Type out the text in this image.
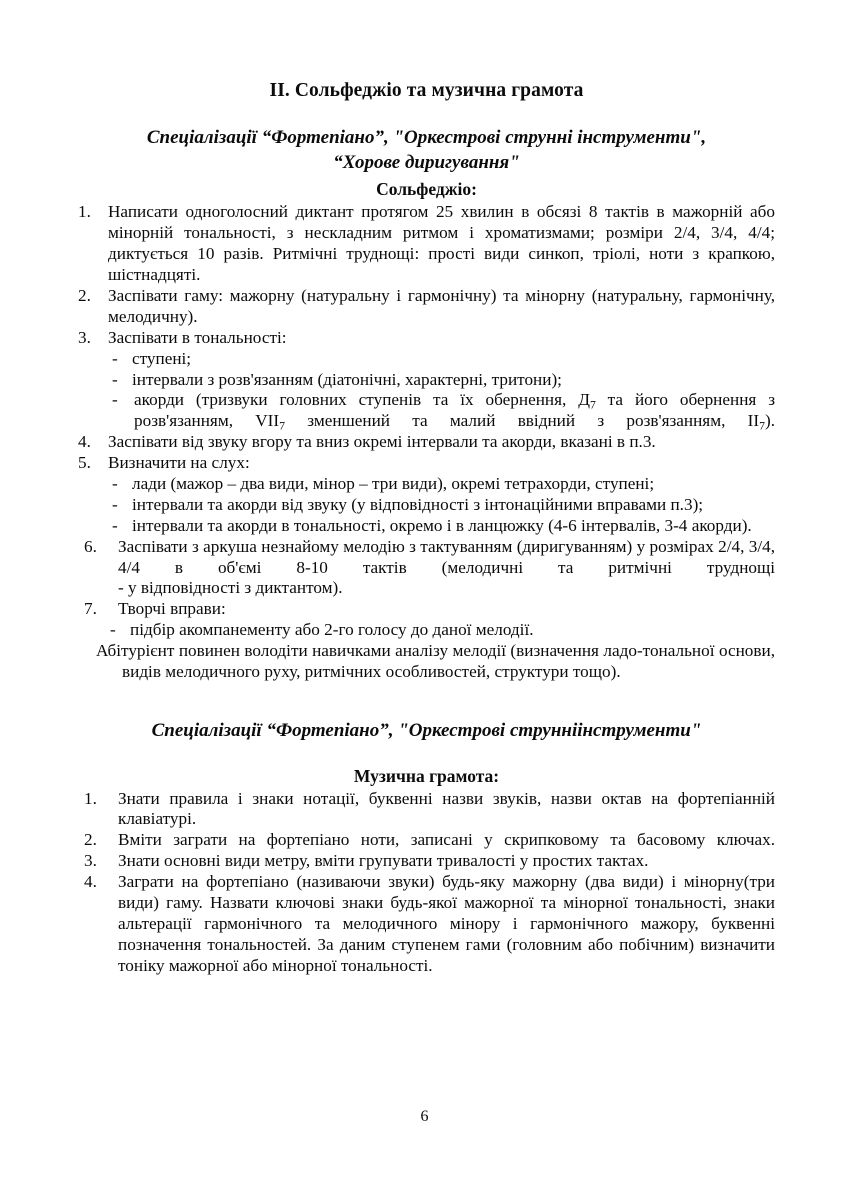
II. Сольфеджіо та музична грамота
Спеціалізації “Фортепіано”, "Оркестрові струнні інструменти",
“Хорове диригування"
Сольфеджіо:
1. Написати одноголосний диктант протягом 25 хвилин в обсязі 8 тактів в мажорній або мінорній тональності, з нескладним ритмом і хроматизмами; розміри 2/4, 3/4, 4/4; диктується 10 разів. Ритмічні труднощі: прості види синкоп, тріолі, ноти з крапкою, шістнадцяті.
2. Заспівати гаму: мажорну (натуральну і гармонічну) та мінорну (натуральну, гармонічну, мелодичну).
3. Заспівати в тональності:
- ступені;
- інтервали з розв'язанням (діатонічні, характерні, тритони);
- акорди (тризвуки головних ступенів та їх обернення, $Д_7$ та його обернення з розв'язанням, $VII_7$ зменшений та малий ввідний з розв'язанням, $II_7$).
4. Заспівати від звуку вгору та вниз окремі інтервали та акорди, вказані в п.3.
5. Визначити на слух:
- лади (мажор – два види, мінор – три види), окремі тетрахорди, ступені;
- інтервали та акорди від звуку (у відповідності з інтонаційними вправами п.3);
- інтервали та акорди в тональності, окремо і в ланцюжку (4-6 інтервалів, 3-4 акорди).
6.	Заспівати з аркуша незнайому мелодію з тактуванням (диригуванням) у розмірах 2/4, 3/4, 4/4 в об'ємі 8-10 тактів (мелодичні та ритмічні труднощі
- у відповідності з диктантом).
7.	Творчі вправи:
- підбір акомпанементу або 2-го голосу до даної мелодії.

Абітурієнт повинен володіти навичками аналізу мелодії (визначення ладо-тональної основи, видів мелодичного руху, ритмічних особливостей, структури тощо).

Спеціалізації “Фортепіано”, "Оркестрові струнніінструменти"
Музична грамота:
1.	Знати правила і знаки нотації, буквенні назви звуків, назви октав на фортепіанній клавіатурі.
2.	Вміти заграти на фортепіано ноти, записані у скрипковому та басовому ключах.
3.	Знати основні види метру, вміти групувати тривалості у простих тактах.
4.	Заграти на фортепіано (називаючи звуки) будь-яку мажорну (два види) і мінорну(три види) гаму. Назвати ключові знаки будь-якої мажорної та мінорної тональності, знаки альтерації гармонічного та мелодичного мінору і гармонічного мажору, буквенні позначення тональностей. За даним ступенем гами (головним або побічним) визначити тоніку мажорної або мінорної тональності.
6
